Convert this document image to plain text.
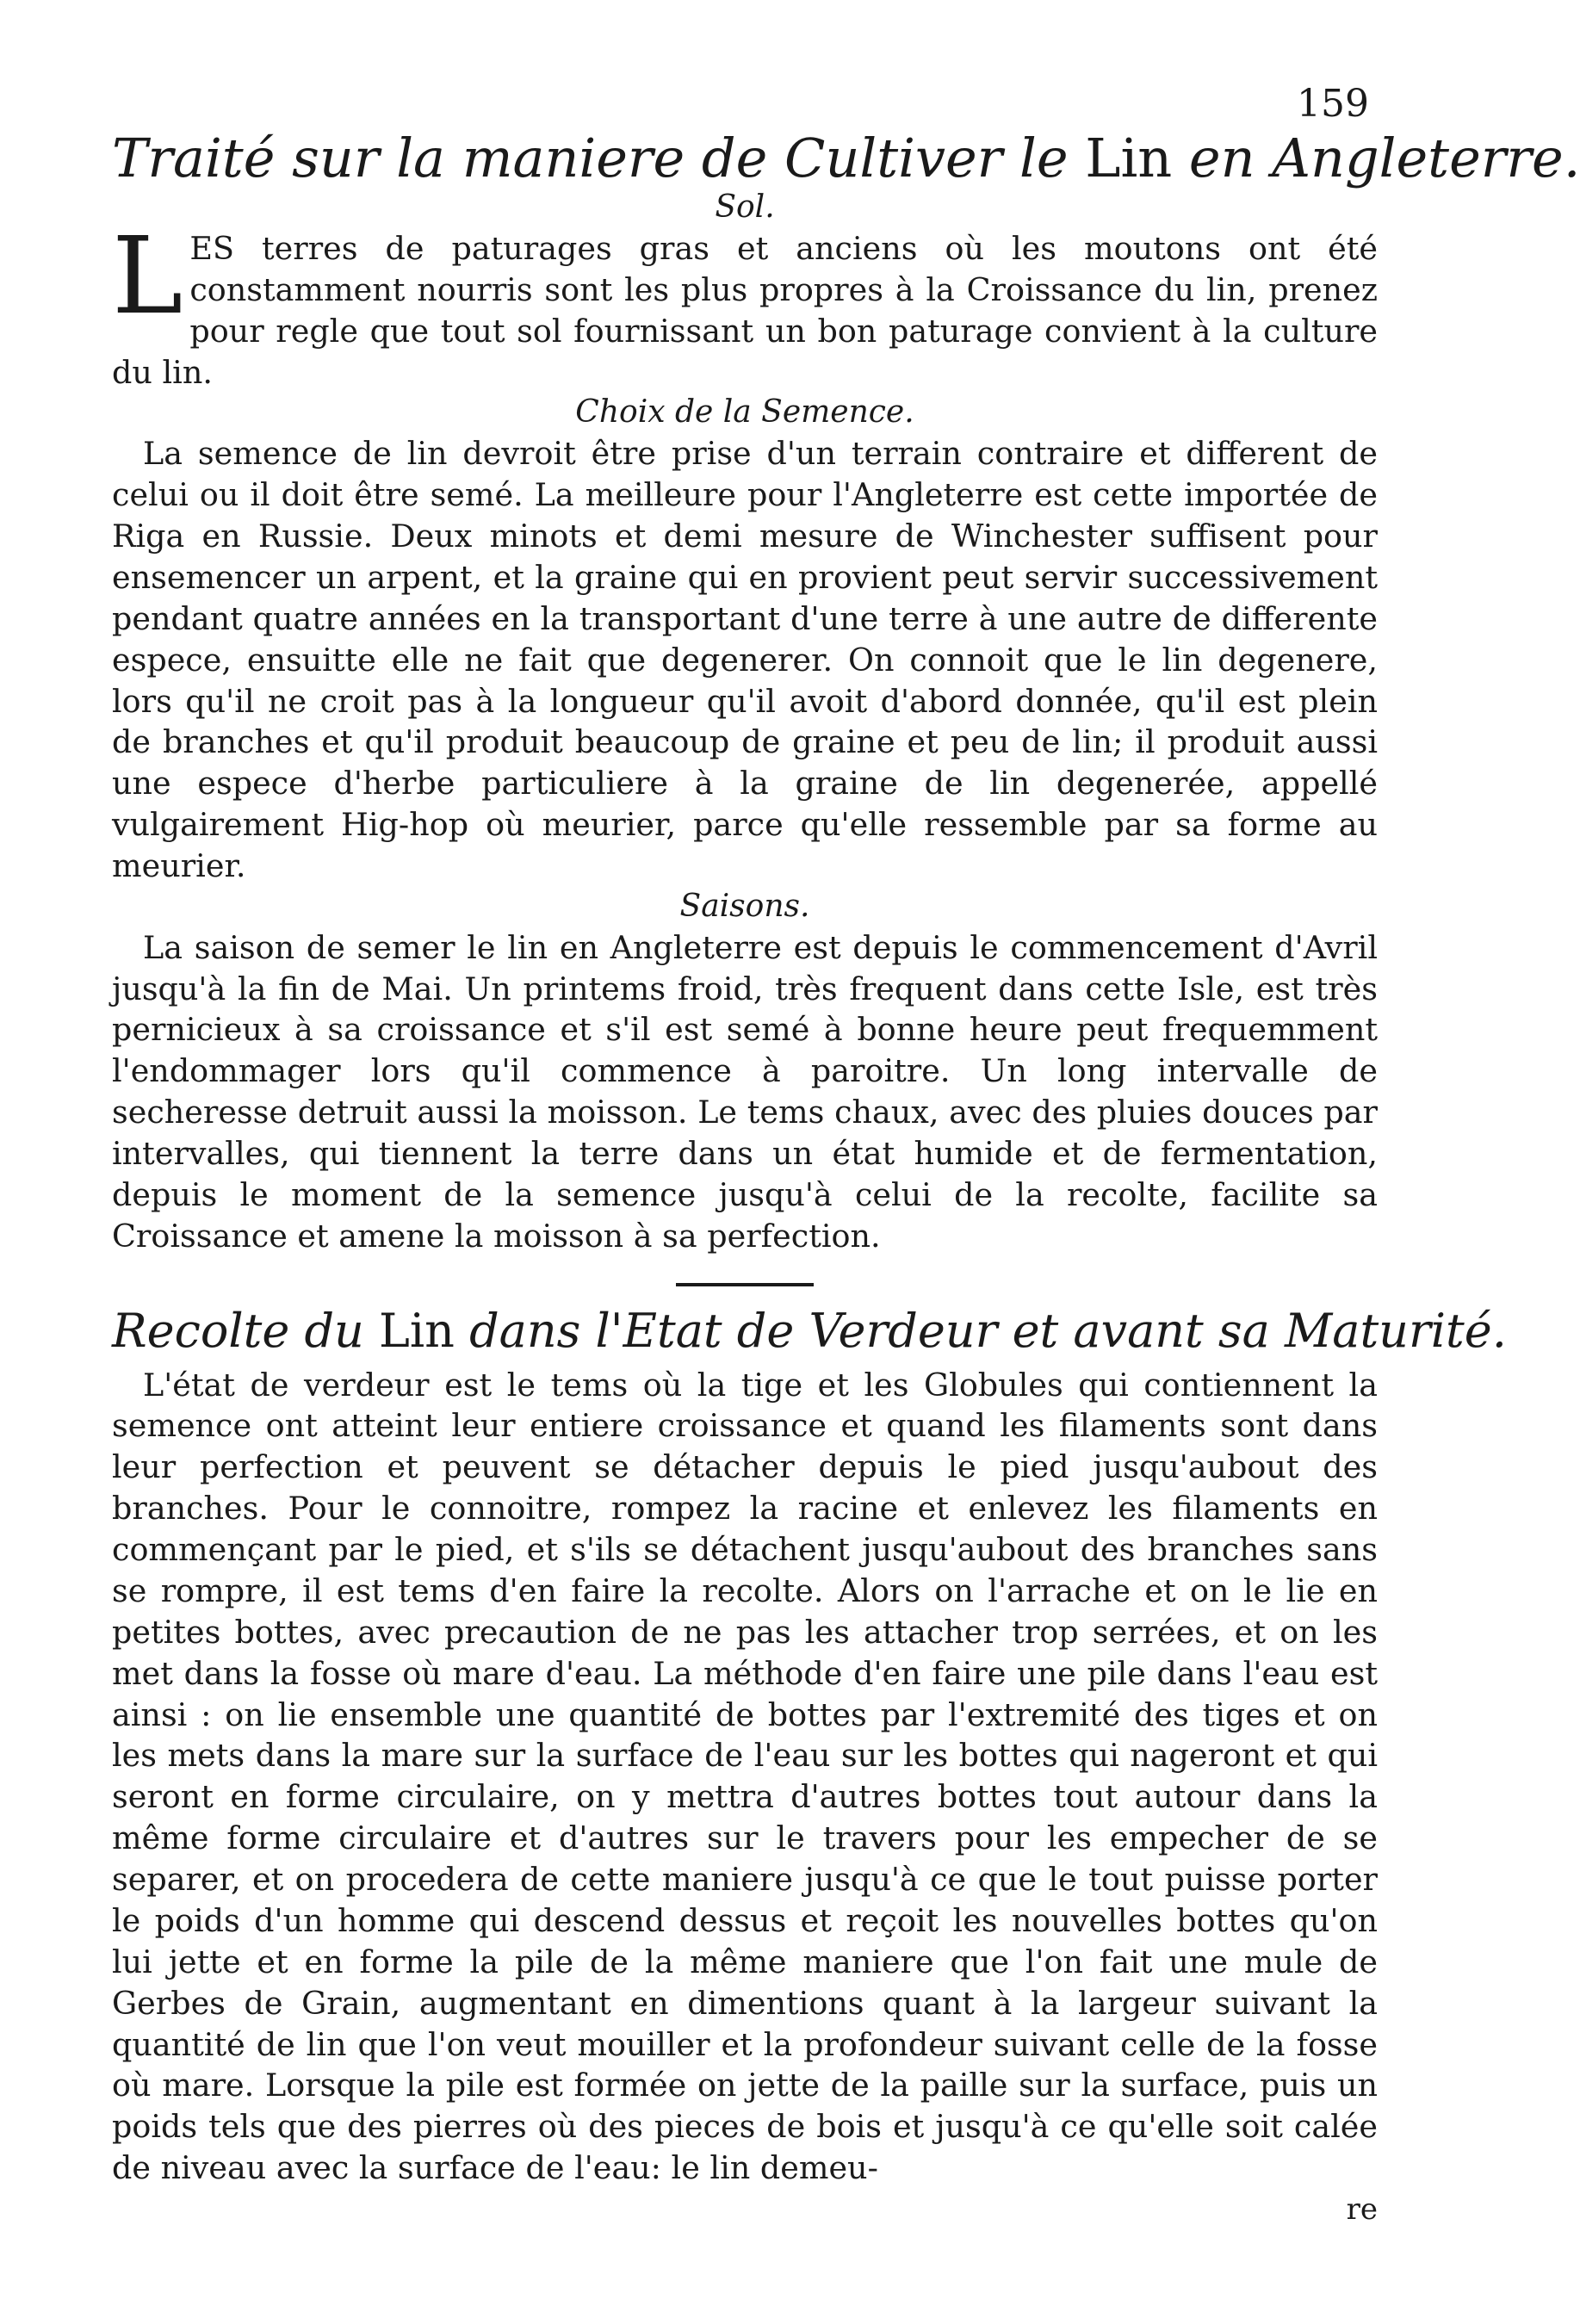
159
Traité sur la maniere de Cultiver le Lin en Angleterre.
Sol.

LES terres de paturages gras et anciens où les moutons ont été constamment nourris sont les plus propres à la Croissance du lin, prenez pour regle que tout sol fournissant un bon paturage convient à la culture du lin.

Choix de la Semence.

La semence de lin devroit être prise d'un terrain contraire et different de celui ou il doit être semé. La meilleure pour l'Angleterre est cette importée de Riga en Russie. Deux minots et demi mesure de Winchester suffisent pour ensemencer un arpent, et la graine qui en provient peut servir successivement pendant quatre années en la transportant d'une terre à une autre de differente espece, ensuitte elle ne fait que degenerer. On connoit que le lin degenere, lors qu'il ne croit pas à la longueur qu'il avoit d'abord donnée, qu'il est plein de branches et qu'il produit beaucoup de graine et peu de lin; il produit aussi une espece d'herbe particuliere à la graine de lin degenerée, appellé vulgairement Hig-hop où meurier, parce qu'elle ressemble par sa forme au meurier.

Saisons.

La saison de semer le lin en Angleterre est depuis le commencement d'Avril jusqu'à la fin de Mai. Un printems froid, très frequent dans cette Isle, est très pernicieux à sa croissance et s'il est semé à bonne heure peut frequemment l'endommager lors qu'il commence à paroitre. Un long intervalle de secheresse detruit aussi la moisson. Le tems chaux, avec des pluies douces par intervalles, qui tiennent la terre dans un état humide et de fermentation, depuis le moment de la semence jusqu'à celui de la recolte, facilite sa Croissance et amene la moisson à sa perfection.

Recolte du Lin dans l'Etat de Verdeur et avant sa Maturité.

L'état de verdeur est le tems où la tige et les Globules qui contiennent la semence ont atteint leur entiere croissance et quand les filaments sont dans leur perfection et peuvent se détacher depuis le pied jusqu'aubout des branches. Pour le connoitre, rompez la racine et enlevez les filaments en commençant par le pied, et s'ils se détachent jusqu'aubout des branches sans se rompre, il est tems d'en faire la recolte. Alors on l'arrache et on le lie en petites bottes, avec precaution de ne pas les attacher trop serrées, et on les met dans la fosse où mare d'eau. La méthode d'en faire une pile dans l'eau est ainsi : on lie ensemble une quantité de bottes par l'extremité des tiges et on les mets dans la mare sur la surface de l'eau sur les bottes qui nageront et qui seront en forme circulaire, on y mettra d'autres bottes tout autour dans la même forme circulaire et d'autres sur le travers pour les empecher de se separer, et on procedera de cette maniere jusqu'à ce que le tout puisse porter le poids d'un homme qui descend dessus et reçoit les nouvelles bottes qu'on lui jette et en forme la pile de la même maniere que l'on fait une mule de Gerbes de Grain, augmentant en dimentions quant à la largeur suivant la quantité de lin que l'on veut mouiller et la profondeur suivant celle de la fosse où mare. Lorsque la pile est formée on jette de la paille sur la surface, puis un poids tels que des pierres où des pieces de bois et jusqu'à ce qu'elle soit calée de niveau avec la surface de l'eau: le lin demeu-

re
